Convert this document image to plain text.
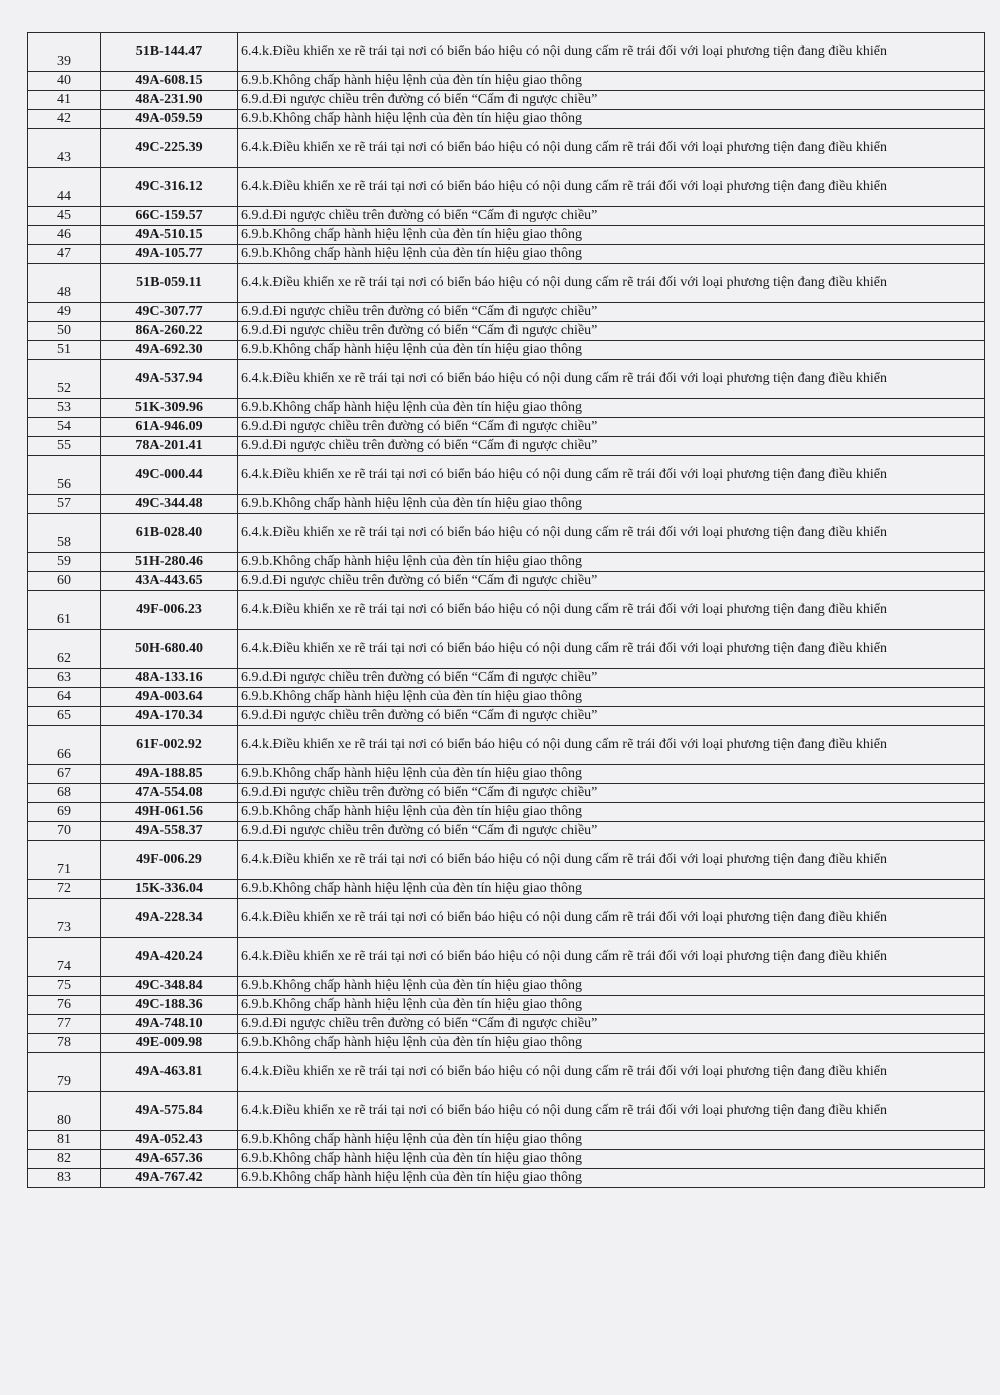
39	51B-144.47	6.4.k.Điều khiển xe rẽ trái tại nơi có biển báo hiệu có nội dung cấm rẽ trái đối với loại phương tiện đang điều khiển
40	49A-608.15	6.9.b.Không chấp hành hiệu lệnh của đèn tín hiệu giao thông
41	48A-231.90	6.9.d.Đi ngược chiều trên đường có biển “Cấm đi ngược chiều”
42	49A-059.59	6.9.b.Không chấp hành hiệu lệnh của đèn tín hiệu giao thông
43	49C-225.39	6.4.k.Điều khiển xe rẽ trái tại nơi có biển báo hiệu có nội dung cấm rẽ trái đối với loại phương tiện đang điều khiển
44	49C-316.12	6.4.k.Điều khiển xe rẽ trái tại nơi có biển báo hiệu có nội dung cấm rẽ trái đối với loại phương tiện đang điều khiển
45	66C-159.57	6.9.d.Đi ngược chiều trên đường có biển “Cấm đi ngược chiều”
46	49A-510.15	6.9.b.Không chấp hành hiệu lệnh của đèn tín hiệu giao thông
47	49A-105.77	6.9.b.Không chấp hành hiệu lệnh của đèn tín hiệu giao thông
48	51B-059.11	6.4.k.Điều khiển xe rẽ trái tại nơi có biển báo hiệu có nội dung cấm rẽ trái đối với loại phương tiện đang điều khiển
49	49C-307.77	6.9.d.Đi ngược chiều trên đường có biển “Cấm đi ngược chiều”
50	86A-260.22	6.9.d.Đi ngược chiều trên đường có biển “Cấm đi ngược chiều”
51	49A-692.30	6.9.b.Không chấp hành hiệu lệnh của đèn tín hiệu giao thông
52	49A-537.94	6.4.k.Điều khiển xe rẽ trái tại nơi có biển báo hiệu có nội dung cấm rẽ trái đối với loại phương tiện đang điều khiển
53	51K-309.96	6.9.b.Không chấp hành hiệu lệnh của đèn tín hiệu giao thông
54	61A-946.09	6.9.d.Đi ngược chiều trên đường có biển “Cấm đi ngược chiều”
55	78A-201.41	6.9.d.Đi ngược chiều trên đường có biển “Cấm đi ngược chiều”
56	49C-000.44	6.4.k.Điều khiển xe rẽ trái tại nơi có biển báo hiệu có nội dung cấm rẽ trái đối với loại phương tiện đang điều khiển
57	49C-344.48	6.9.b.Không chấp hành hiệu lệnh của đèn tín hiệu giao thông
58	61B-028.40	6.4.k.Điều khiển xe rẽ trái tại nơi có biển báo hiệu có nội dung cấm rẽ trái đối với loại phương tiện đang điều khiển
59	51H-280.46	6.9.b.Không chấp hành hiệu lệnh của đèn tín hiệu giao thông
60	43A-443.65	6.9.d.Đi ngược chiều trên đường có biển “Cấm đi ngược chiều”
61	49F-006.23	6.4.k.Điều khiển xe rẽ trái tại nơi có biển báo hiệu có nội dung cấm rẽ trái đối với loại phương tiện đang điều khiển
62	50H-680.40	6.4.k.Điều khiển xe rẽ trái tại nơi có biển báo hiệu có nội dung cấm rẽ trái đối với loại phương tiện đang điều khiển
63	48A-133.16	6.9.d.Đi ngược chiều trên đường có biển “Cấm đi ngược chiều”
64	49A-003.64	6.9.b.Không chấp hành hiệu lệnh của đèn tín hiệu giao thông
65	49A-170.34	6.9.d.Đi ngược chiều trên đường có biển “Cấm đi ngược chiều”
66	61F-002.92	6.4.k.Điều khiển xe rẽ trái tại nơi có biển báo hiệu có nội dung cấm rẽ trái đối với loại phương tiện đang điều khiển
67	49A-188.85	6.9.b.Không chấp hành hiệu lệnh của đèn tín hiệu giao thông
68	47A-554.08	6.9.d.Đi ngược chiều trên đường có biển “Cấm đi ngược chiều”
69	49H-061.56	6.9.b.Không chấp hành hiệu lệnh của đèn tín hiệu giao thông
70	49A-558.37	6.9.d.Đi ngược chiều trên đường có biển “Cấm đi ngược chiều”
71	49F-006.29	6.4.k.Điều khiển xe rẽ trái tại nơi có biển báo hiệu có nội dung cấm rẽ trái đối với loại phương tiện đang điều khiển
72	15K-336.04	6.9.b.Không chấp hành hiệu lệnh của đèn tín hiệu giao thông
73	49A-228.34	6.4.k.Điều khiển xe rẽ trái tại nơi có biển báo hiệu có nội dung cấm rẽ trái đối với loại phương tiện đang điều khiển
74	49A-420.24	6.4.k.Điều khiển xe rẽ trái tại nơi có biển báo hiệu có nội dung cấm rẽ trái đối với loại phương tiện đang điều khiển
75	49C-348.84	6.9.b.Không chấp hành hiệu lệnh của đèn tín hiệu giao thông
76	49C-188.36	6.9.b.Không chấp hành hiệu lệnh của đèn tín hiệu giao thông
77	49A-748.10	6.9.d.Đi ngược chiều trên đường có biển “Cấm đi ngược chiều”
78	49E-009.98	6.9.b.Không chấp hành hiệu lệnh của đèn tín hiệu giao thông
79	49A-463.81	6.4.k.Điều khiển xe rẽ trái tại nơi có biển báo hiệu có nội dung cấm rẽ trái đối với loại phương tiện đang điều khiển
80	49A-575.84	6.4.k.Điều khiển xe rẽ trái tại nơi có biển báo hiệu có nội dung cấm rẽ trái đối với loại phương tiện đang điều khiển
81	49A-052.43	6.9.b.Không chấp hành hiệu lệnh của đèn tín hiệu giao thông
82	49A-657.36	6.9.b.Không chấp hành hiệu lệnh của đèn tín hiệu giao thông
83	49A-767.42	6.9.b.Không chấp hành hiệu lệnh của đèn tín hiệu giao thông
